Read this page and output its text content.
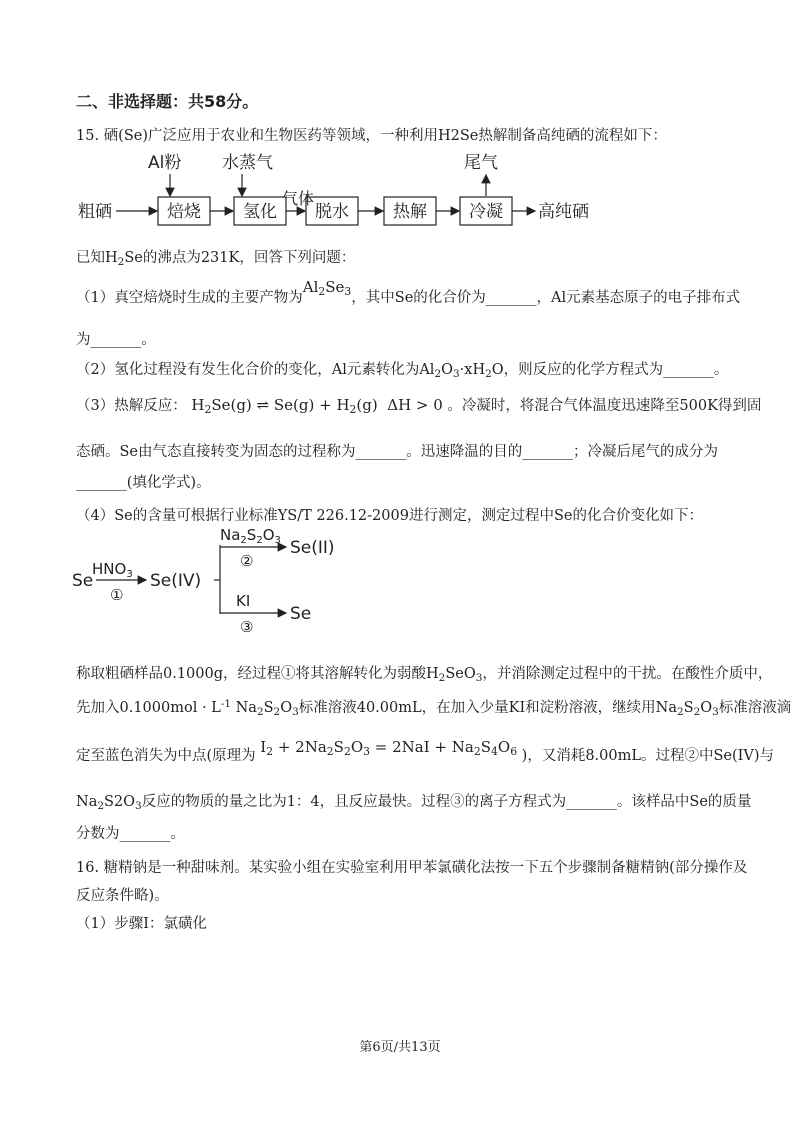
二、非选择题：共58分。
15. 硒(Se)广泛应用于农业和生物医药等领域，一种利用H2Se热解制备高纯硒的流程如下：
粗硒	焙烧 氢化 脱水	热解 冷凝 高纯硒
Al粉 水蒸气
气体
尾气
已知$H_2Se$的沸点为231K，回答下列问题：
（1）真空焙烧时生成的主要产物为$Al_2Se_3$，其中Se的化合价为_______，Al元素基态原子的电子排布式
为_______。
（2）氢化过程没有发生化合价的变化，Al元素转化为$Al_2O_3\cdot xH_2O$，则反应的化学方程式为_______。
（3）热解反应： $H_2Se(g)$ ⇌ $Se(g) + H_2(g) \Delta H > 0$ 。冷凝时，将混合气体温度迅速降至500K得到固
态硒。Se由气态直接转变为固态的过程称为_______。迅速降温的目的_______；冷凝后尾气的成分为
_______(填化学式)。
（4）Se的含量可根据行业标准YS/T 226.12-2009进行测定，测定过程中Se的化合价变化如下：
Se
$HNO_3$
①
Se(IV)
$Na_2S_2O_3$
②
Se(II)
KI
③
Se
称取粗硒样品0.1000g，经过程①将其溶解转化为弱酸$H_2SeO_3$，并消除测定过程中的干扰。在酸性介质中，
先加入$0.1000mol \cdot L^{-1}$ $Na_2S_2O_3$标准溶液40.00mL，在加入少量KI和淀粉溶液，继续用$Na_2S_2O_3$标准溶液滴
定至蓝色消失为中点(原理为 $I_2 + 2Na_2S_2O_3 = 2NaI + Na_2S_4O_6$ )，又消耗8.00mL。过程②中Se(IV)与
$Na_2S2O_3$反应的物质的量之比为1：4，且反应最快。过程③的离子方程式为_______。该样品中Se的质量
分数为_______。
16. 糖精钠是一种甜味剂。某实验小组在实验室利用甲苯氯磺化法按一下五个步骤制备糖精钠(部分操作及
反应条件略)。
（1）步骤I：氯磺化
第6页/共13页
